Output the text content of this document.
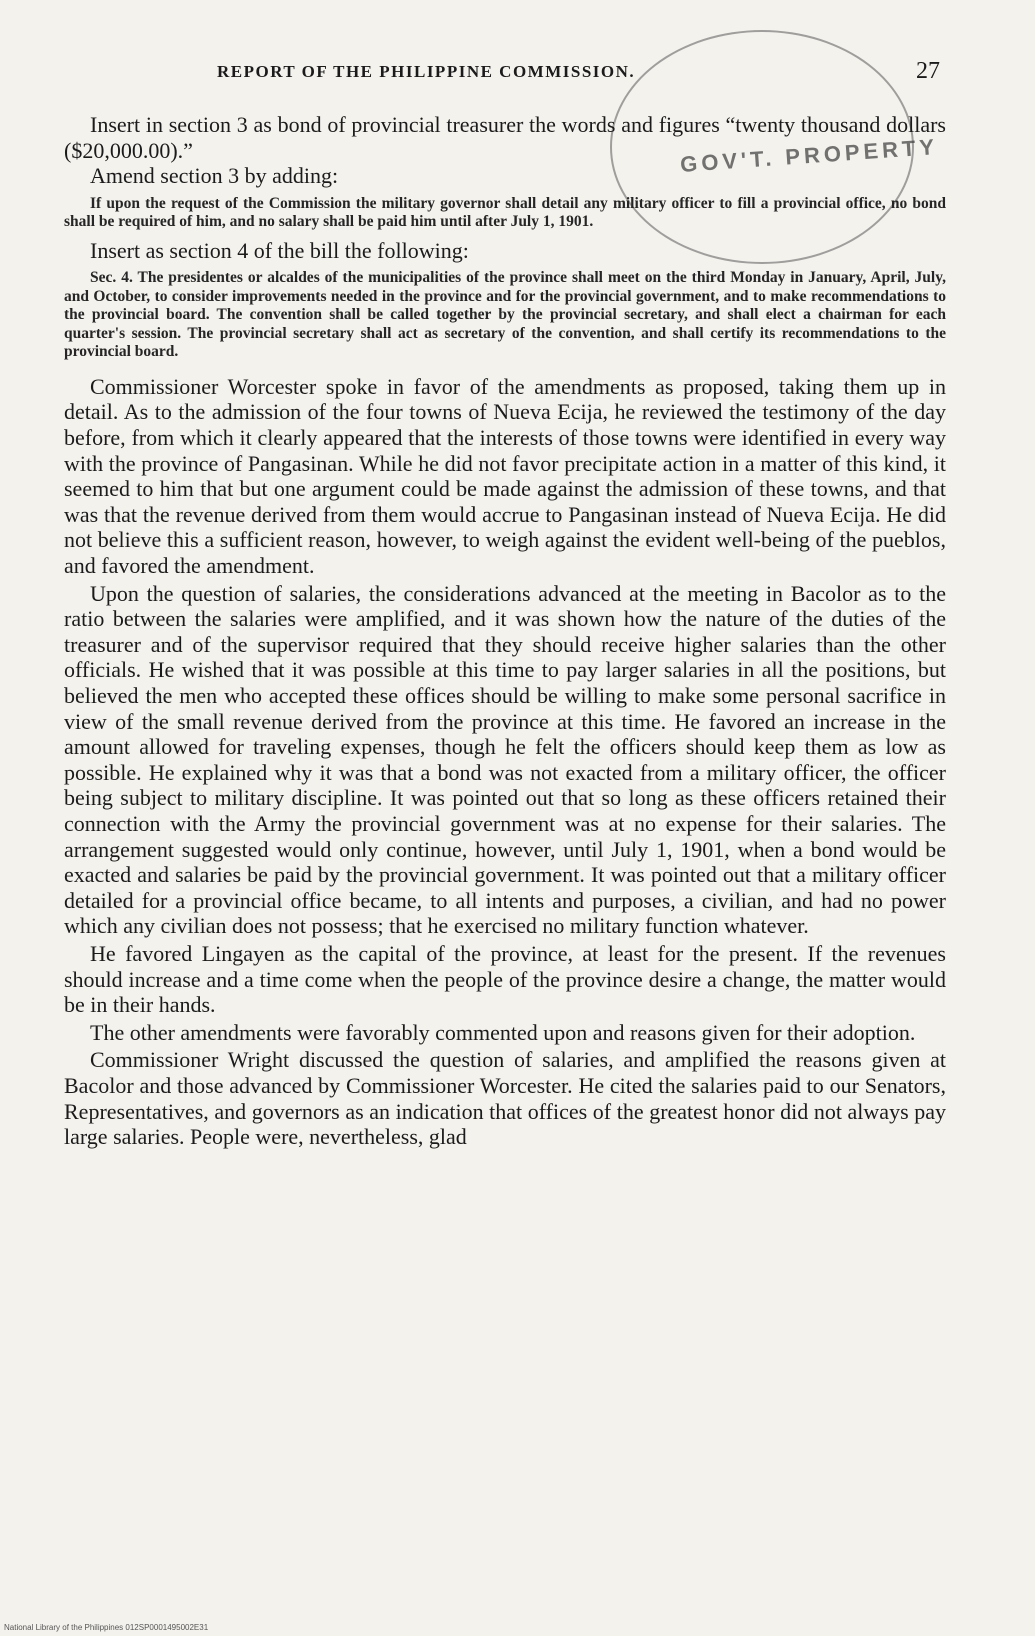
REPORT OF THE PHILIPPINE COMMISSION.	27
GOV'T. PROPERTY

Insert in section 3 as bond of provincial treasurer the words and figures “twenty thousand dollars ($20,000.00).”

Amend section 3 by adding:

If upon the request of the Commission the military governor shall detail any military officer to fill a provincial office, no bond shall be required of him, and no salary shall be paid him until after July 1, 1901.

Insert as section 4 of the bill the following:

Sec. 4. The presidentes or alcaldes of the municipalities of the province shall meet on the third Monday in January, April, July, and October, to consider improvements needed in the province and for the provincial government, and to make recommendations to the provincial board. The convention shall be called together by the provincial secretary, and shall elect a chairman for each quarter's session. The provincial secretary shall act as secretary of the convention, and shall certify its recommendations to the provincial board.

Commissioner Worcester spoke in favor of the amendments as proposed, taking them up in detail. As to the admission of the four towns of Nueva Ecija, he reviewed the testimony of the day before, from which it clearly appeared that the interests of those towns were identified in every way with the province of Pangasinan. While he did not favor precipitate action in a matter of this kind, it seemed to him that but one argument could be made against the admission of these towns, and that was that the revenue derived from them would accrue to Pangasinan instead of Nueva Ecija. He did not believe this a sufficient reason, however, to weigh against the evident well-being of the pueblos, and favored the amendment.

Upon the question of salaries, the considerations advanced at the meeting in Bacolor as to the ratio between the salaries were amplified, and it was shown how the nature of the duties of the treasurer and of the supervisor required that they should receive higher salaries than the other officials. He wished that it was possible at this time to pay larger salaries in all the positions, but believed the men who accepted these offices should be willing to make some personal sacrifice in view of the small revenue derived from the province at this time. He favored an increase in the amount allowed for traveling expenses, though he felt the officers should keep them as low as possible. He explained why it was that a bond was not exacted from a military officer, the officer being subject to military discipline. It was pointed out that so long as these officers retained their connection with the Army the provincial government was at no expense for their salaries. The arrangement suggested would only continue, however, until July 1, 1901, when a bond would be exacted and salaries be paid by the provincial government. It was pointed out that a military officer detailed for a provincial office became, to all intents and purposes, a civilian, and had no power which any civilian does not possess; that he exercised no military function whatever.

He favored Lingayen as the capital of the province, at least for the present. If the revenues should increase and a time come when the people of the province desire a change, the matter would be in their hands.

The other amendments were favorably commented upon and reasons given for their adoption.

Commissioner Wright discussed the question of salaries, and amplified the reasons given at Bacolor and those advanced by Commissioner Worcester. He cited the salaries paid to our Senators, Representatives, and governors as an indication that offices of the greatest honor did not always pay large salaries. People were, nevertheless, glad

National Library of the Philippines 012SP0001495002E31
